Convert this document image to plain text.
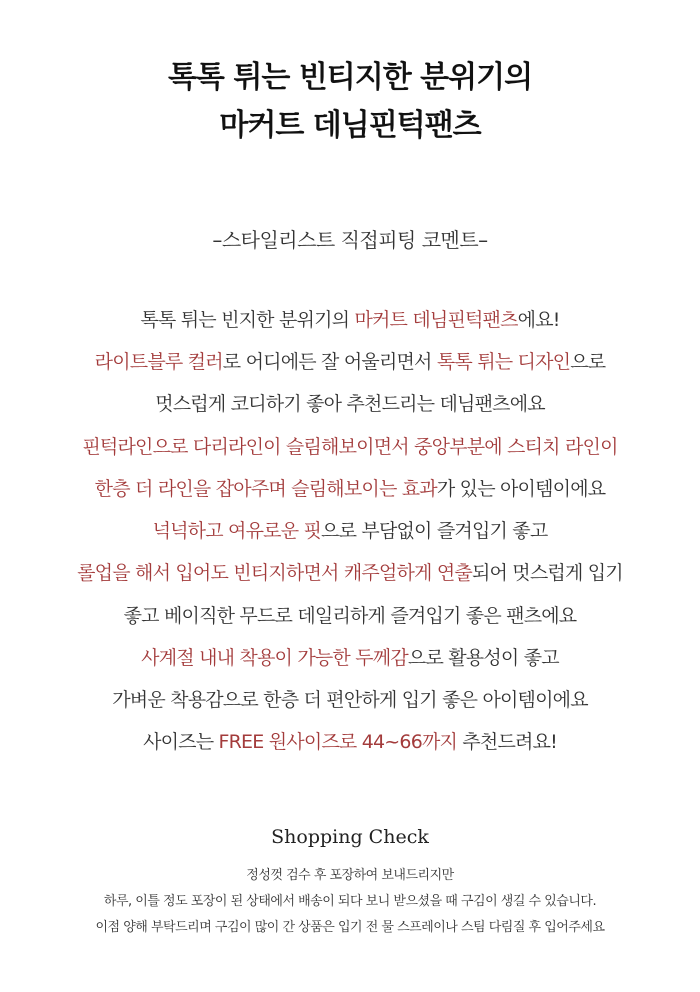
톡톡 튀는 빈티지한 분위기의
마커트 데님핀턱팬츠
–스타일리스트 직접피팅 코멘트–
톡톡 튀는 빈지한 분위기의 마커트 데님핀턱팬츠에요!
라이트블루 컬러로 어디에든 잘 어울리면서 톡톡 튀는 디자인으로
멋스럽게 코디하기 좋아 추천드리는 데님팬츠에요
핀턱라인으로 다리라인이 슬림해보이면서 중앙부분에 스티치 라인이
한층 더 라인을 잡아주며 슬림해보이는 효과가 있는 아이템이에요
넉넉하고 여유로운 핏으로 부담없이 즐겨입기 좋고
롤업을 해서 입어도 빈티지하면서 캐주얼하게 연출되어 멋스럽게 입기
좋고 베이직한 무드로 데일리하게 즐겨입기 좋은 팬츠에요
사계절 내내 착용이 가능한 두께감으로 활용성이 좋고
가벼운 착용감으로 한층 더 편안하게 입기 좋은 아이템이에요
사이즈는 FREE 원사이즈로 44~66까지 추천드려요!
Shopping Check
정성껏 검수 후 포장하여 보내드리지만
하루, 이틀 정도 포장이 된 상태에서 배송이 되다 보니 받으셨을 때 구김이 생길 수 있습니다.
이점 양해 부탁드리며 구김이 많이 간 상품은 입기 전 물 스프레이나 스팀 다림질 후 입어주세요
